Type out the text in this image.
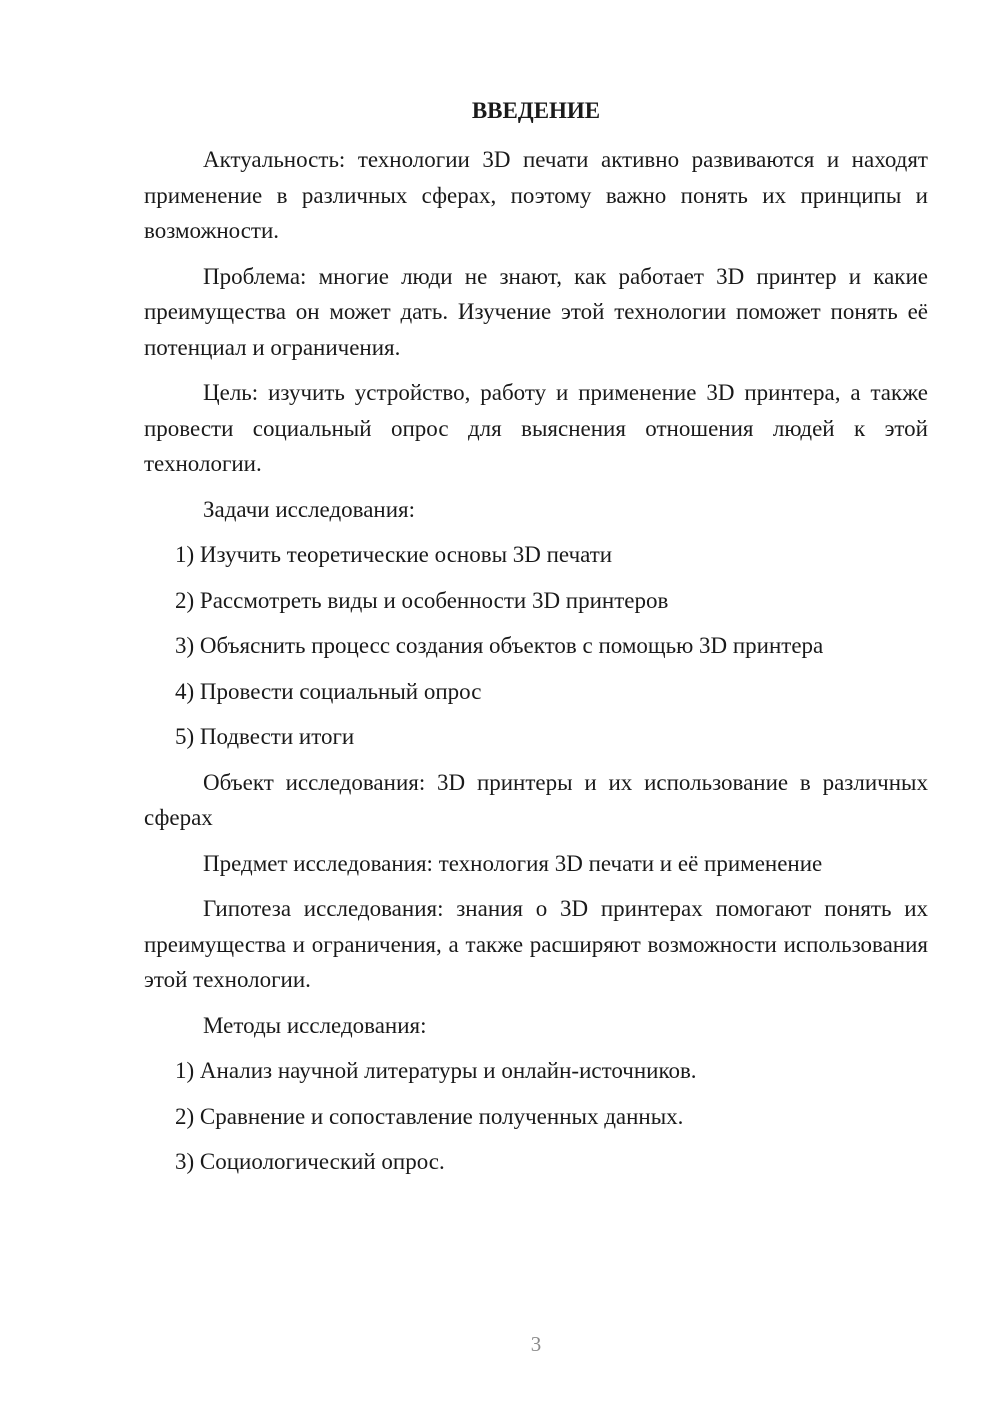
ВВЕДЕНИЕ

Актуальность: технологии 3D печати активно развиваются и находят применение в различных сферах, поэтому важно понять их принципы и возможности.

Проблема: многие люди не знают, как работает 3D принтер и какие преимущества он может дать. Изучение этой технологии поможет понять её потенциал и ограничения.

Цель: изучить устройство, работу и применение 3D принтера, а также провести социальный опрос для выяснения отношения людей к этой технологии.

Задачи исследования:

1) Изучить теоретические основы 3D печати

2) Рассмотреть виды и особенности 3D принтеров

3) Объяснить процесс создания объектов с помощью 3D принтера

4) Провести социальный опрос

5) Подвести итоги

Объект исследования: 3D принтеры и их использование в различных сферах

Предмет исследования: технология 3D печати и её применение

Гипотеза исследования: знания о 3D принтерах помогают понять их преимущества и ограничения, а также расширяют возможности использования этой технологии.

Методы исследования:

1) Анализ научной литературы и онлайн-источников.

2) Сравнение и сопоставление полученных данных.

3) Социологический опрос.

3
